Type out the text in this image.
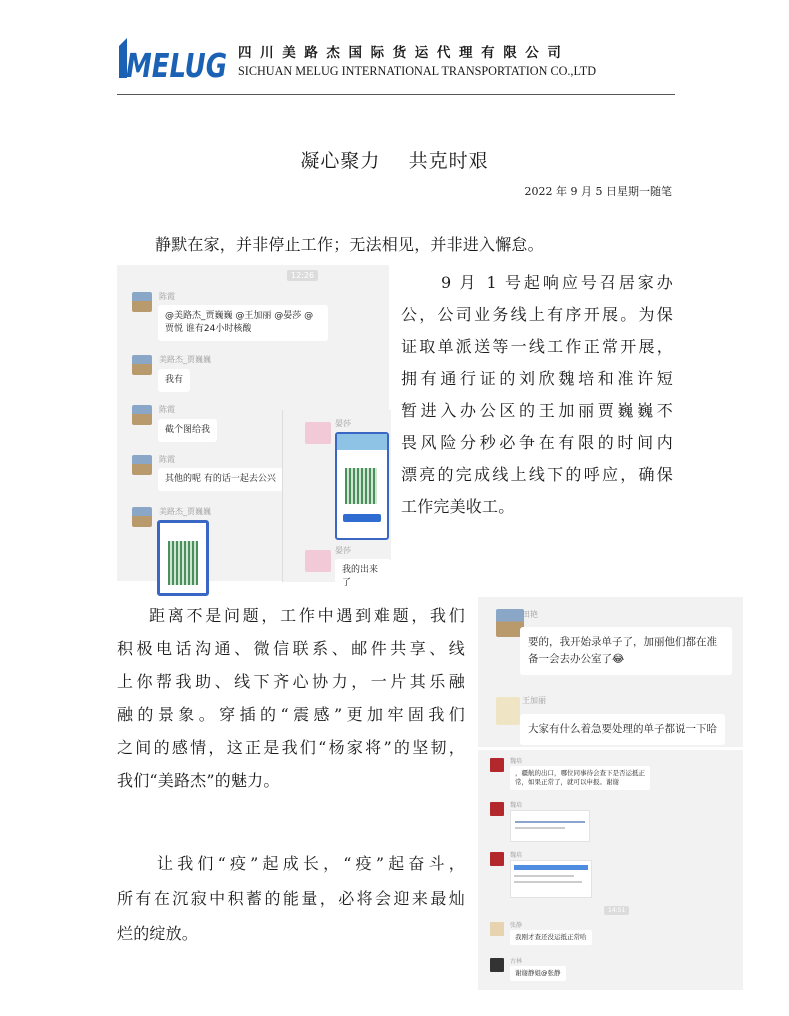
MELUG 四川美路杰国际货运代理有限公司
SICHUAN MELUG INTERNATIONAL TRANSPORTATION CO.,LTD
凝心聚力    共克时艰
2022 年 9 月 5 日星期一随笔
静默在家，并非停止工作；无法相见，并非进入懈怠。
12:26
陈霞
@美路杰_贾巍巍 @王加丽 @晏莎 @贾悦 谁有24小时核酸
美路杰_贾巍巍
我有
陈霞
截个图给我
陈霞
其他的呢 有的话一起去公兴
美路杰_贾巍巍
晏莎
晏莎
我的出来了
9 月 1 号起响应号召居家办
公，公司业务线上有序开展。为保
证取单派送等一线工作正常开展，
拥有通行证的刘欣魏培和准许短
暂进入办公区的王加丽贾巍巍不
畏风险分秒必争在有限的时间内
漂亮的完成线上线下的呼应，确保
工作完美收工。
距离不是问题，工作中遇到难题，我们
积极电话沟通、微信联系、邮件共享、线
上你帮我助、线下齐心协力，一片其乐融
融的景象。穿插的“震感”更加牢固我们
之间的感情，这正是我们“杨家将”的坚韧，
我们“美路杰”的魅力。
让我们“疫”起成长，“疫”起奋斗，
所有在沉寂中积蓄的能量，必将会迎来最灿
烂的绽放。
田艳
要的，我开始录单子了，加丽他们都在准备一会去办公室了😂
王加丽
大家有什么着急要处理的单子都说一下哈
魏培
，疆航的出口，哪位同事待会查下是否运抵正常，如果正常了，就可以申报。谢谢
魏培
魏培
14:51
张静
我刚才查还没运抵正常哈
古林
谢谢静姐@张静
